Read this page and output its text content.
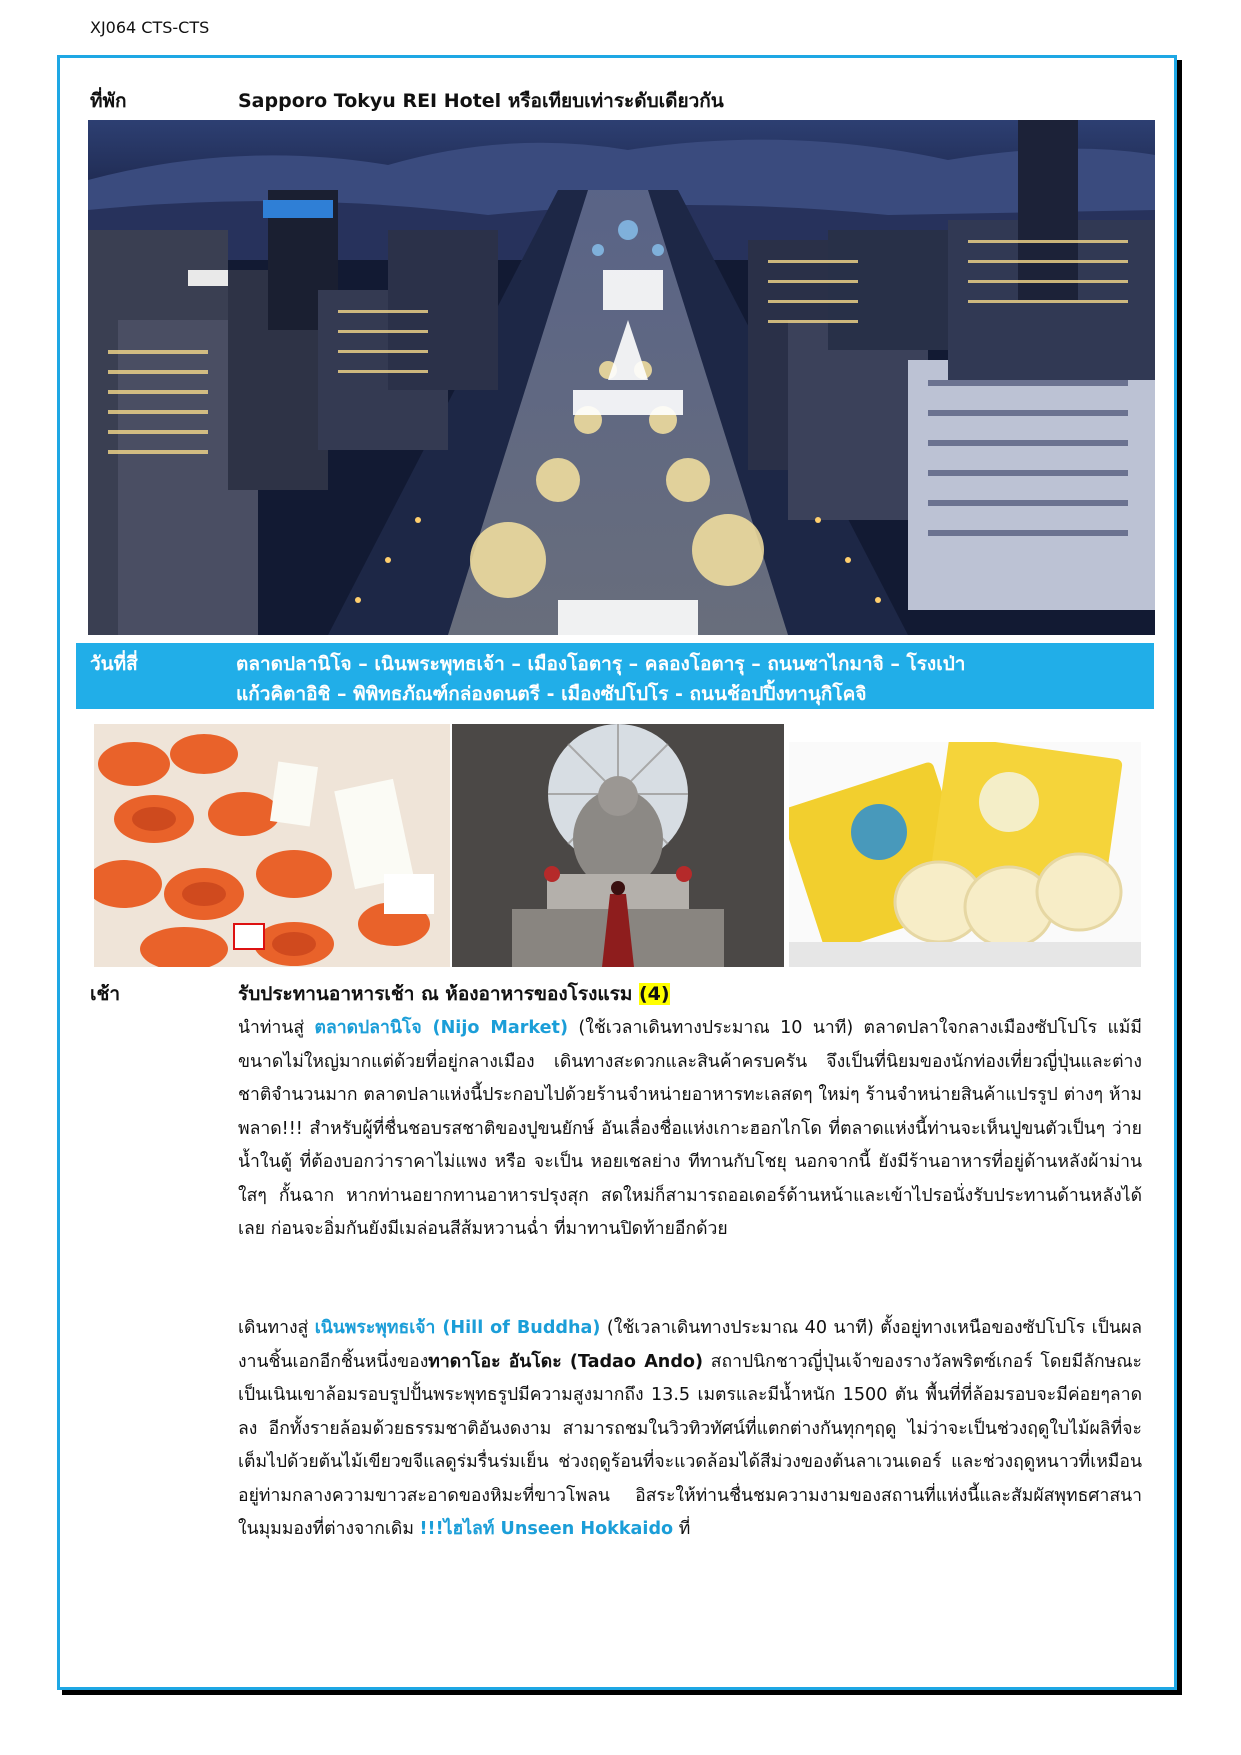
XJ064 CTS-CTS
ที่พัก	Sapporo Tokyu REI Hotel หรือเทียบเท่าระดับเดียวกัน
วันที่สี่	ตลาดปลานิโจ – เนินพระพุทธเจ้า – เมืองโอตารุ – คลองโอตารุ – ถนนซาไกมาจิ – โรงเป่า
แก้วคิตาอิชิ – พิพิทธภัณฑ์กล่องดนตรี - เมืองซัปโปโร - ถนนช้อปปิ้งทานุกิโคจิ
เช้า	รับประทานอาหารเช้า ณ ห้องอาหารของโรงแรม (4)

นำท่านสู่ ตลาดปลานิโจ (Nijo Market) (ใช้เวลาเดินทางประมาณ 10 นาที) ตลาดปลาใจกลางเมืองซัปโปโร แม้มีขนาดไม่ใหญ่มากแต่ด้วยที่อยู่กลางเมือง เดินทางสะดวกและสินค้าครบครัน จึงเป็นที่นิยมของนักท่องเที่ยวญี่ปุ่นและต่างชาติจำนวนมาก ตลาดปลาแห่งนี้ประกอบไปด้วยร้านจำหน่ายอาหารทะเลสดๆ ใหม่ๆ ร้านจำหน่ายสินค้าแปรรูป ต่างๆ ห้ามพลาด!!! สำหรับผู้ที่ชื่นชอบรสชาติของปูขนยักษ์ อันเลื่องชื่อแห่งเกาะฮอกไกโด ที่ตลาดแห่งนี้ท่านจะเห็นปูขนตัวเป็นๆ ว่ายน้ำในตู้ ที่ต้องบอกว่าราคาไม่แพง หรือ จะเป็น หอยเชลย่าง ทีทานกับโชยุ นอกจากนี้ ยังมีร้านอาหารที่อยู่ด้านหลังผ้าม่านใสๆ กั้นฉาก หากท่านอยากทานอาหารปรุงสุก สดใหม่ก็สามารถออเดอร์ด้านหน้าและเข้าไปรอนั่งรับประทานด้านหลังได้เลย ก่อนจะอิ่มกันยังมีเมล่อนสีส้มหวานฉ่ำ ที่มาทานปิดท้ายอีกด้วย

เดินทางสู่ เนินพระพุทธเจ้า (Hill of Buddha) (ใช้เวลาเดินทางประมาณ 40 นาที) ตั้งอยู่ทางเหนือของซัปโปโร เป็นผลงานชิ้นเอกอีกชิ้นหนึ่งของทาดาโอะ อันโดะ (Tadao Ando) สถาปนิกชาวญี่ปุ่นเจ้าของรางวัลพริตซ์เกอร์ โดยมีลักษณะเป็นเนินเขาล้อมรอบรูปปั้นพระพุทธรูปมีความสูงมากถึง 13.5 เมตรและมีน้ำหนัก 1500 ตัน พื้นที่ที่ล้อมรอบจะมีค่อยๆลาดลง อีกทั้งรายล้อมด้วยธรรมชาติอันงดงาม สามารถชมในวิวทิวทัศน์ที่แตกต่างกันทุกๆฤดู ไม่ว่าจะเป็นช่วงฤดูใบไม้ผลิที่จะเต็มไปด้วยต้นไม้เขียวขจีแลดูร่มรื่นร่มเย็น ช่วงฤดูร้อนที่จะแวดล้อมได้สีม่วงของต้นลาเวนเดอร์ และช่วงฤดูหนาวที่เหมือนอยู่ท่ามกลางความขาวสะอาดของหิมะที่ขาวโพลน อิสระให้ท่านชื่นชมความงามของสถานที่แห่งนี้และสัมผัสพุทธศาสนาในมุมมองที่ต่างจากเดิม !!!ไฮไลท์ Unseen Hokkaido ที่
